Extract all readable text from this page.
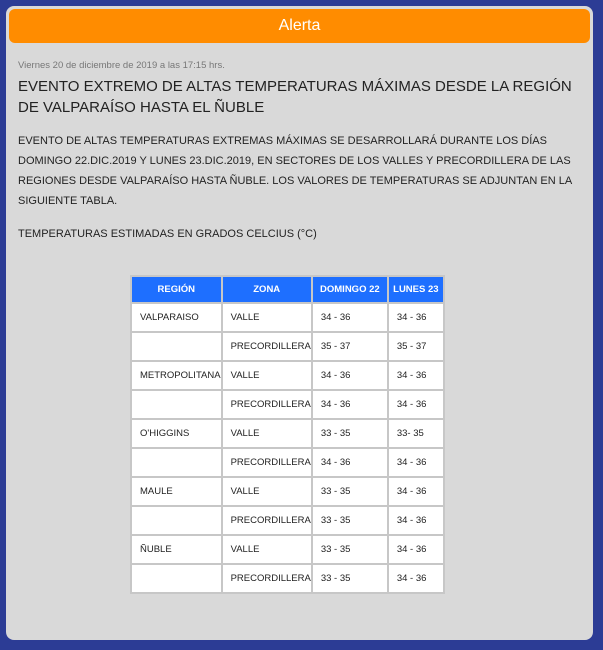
Alerta

Viernes 20 de diciembre de 2019 a las 17:15 hrs.

EVENTO EXTREMO DE ALTAS TEMPERATURAS MÁXIMAS DESDE LA REGIÓN DE VALPARAÍSO HASTA EL ÑUBLE

EVENTO DE ALTAS TEMPERATURAS EXTREMAS MÁXIMAS SE DESARROLLARÁ DURANTE LOS DÍAS DOMINGO 22.DIC.2019 Y LUNES 23.DIC.2019, EN SECTORES DE LOS VALLES Y PRECORDILLERA DE LAS REGIONES DESDE VALPARAÍSO HASTA ÑUBLE. LOS VALORES DE TEMPERATURAS SE ADJUNTAN EN LA SIGUIENTE TABLA.

TEMPERATURAS ESTIMADAS EN GRADOS CELCIUS (°C)

REGIÓN	ZONA	DOMINGO 22	LUNES 23
VALPARAISO	VALLE	34 - 36	34 - 36
	PRECORDILLERA	35 - 37	35 - 37
METROPOLITANA	VALLE	34 - 36	34 - 36
	PRECORDILLERA	34 - 36	34 - 36
O'HIGGINS	VALLE	33 - 35	33- 35
	PRECORDILLERA	34 - 36	34 - 36
MAULE	VALLE	33 - 35	34 - 36
	PRECORDILLERA	33 - 35	34 - 36
ÑUBLE	VALLE	33 - 35	34 - 36
	PRECORDILLERA	33 - 35	34 - 36
